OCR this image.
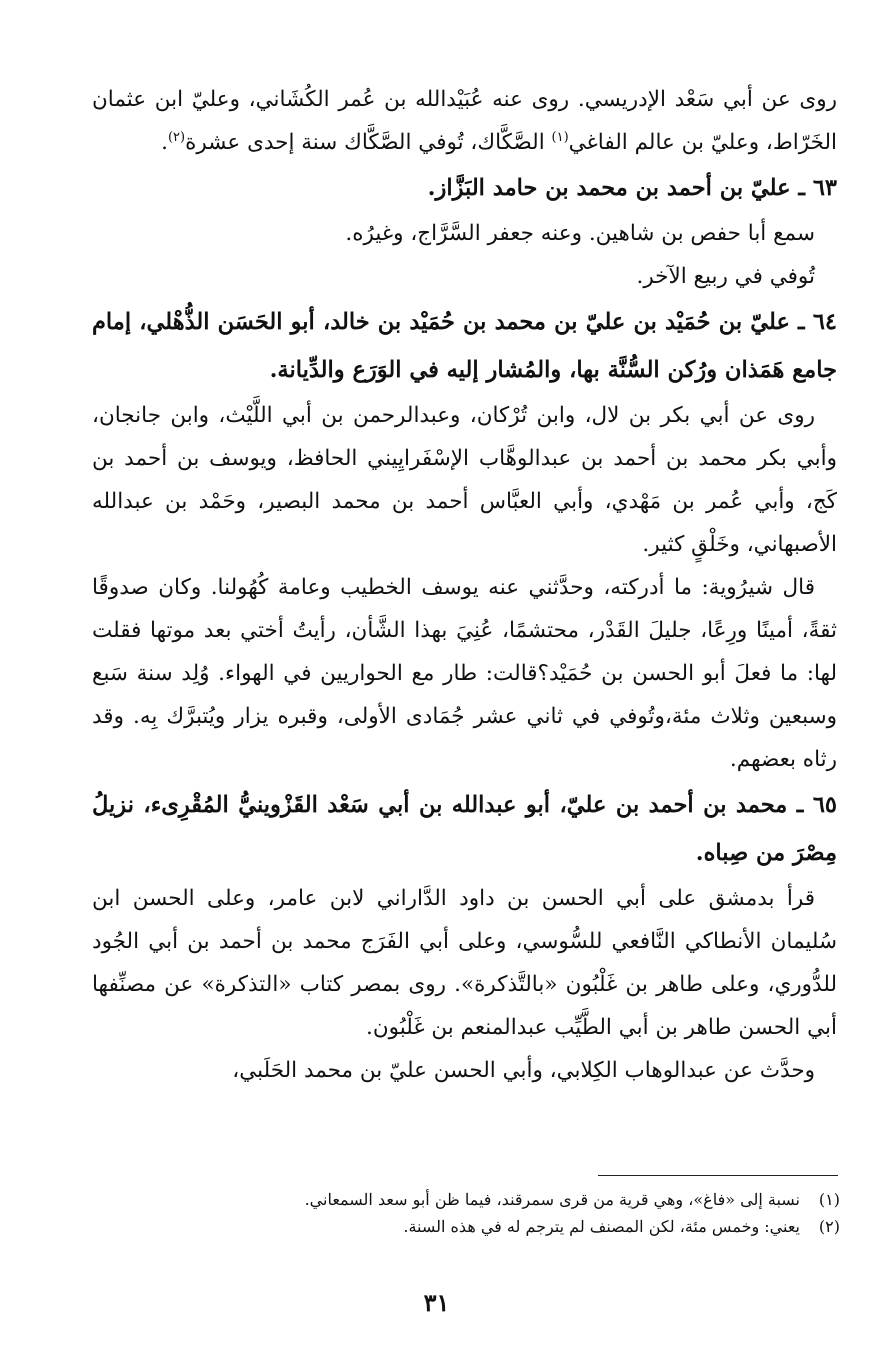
روى عن أبي سَعْد الإدريسي. روى عنه عُبَيْدالله بن عُمر الكُشَاني، وعليّ ابن عثمان الخَرّاط، وعليّ بن عالم الفاغي$^{(١)}$ الصَّكَّاك، تُوفي الصَّكَّاك سنة إحدى عشرة$^{(٢)}$.

٦٣ ـ عليّ بن أحمد بن محمد بن حامد البَزَّاز.

سمع أبا حفص بن شاهين. وعنه جعفر السَّرَّاج، وغيرُه.

تُوفي في ربيع الآخر.

٦٤ ـ عليّ بن حُمَيْد بن عليّ بن محمد بن حُمَيْد بن خالد، أبو الحَسَن الذُّهْلي، إمام جامع هَمَذان ورُكن السُّنَّة بها، والمُشار إليه في الوَرَع والدِّيانة.

روى عن أبي بكر بن لال، وابن تُرْكان، وعبدالرحمن بن أبي اللَّيْث، وابن جانجان، وأبي بكر محمد بن أحمد بن عبدالوهَّاب الإسْفَرايِيني الحافظ، ويوسف بن أحمد بن كَج، وأبي عُمر بن مَهْدي، وأبي العبَّاس أحمد بن محمد البصير، وحَمْد بن عبدالله الأصبهاني، وخَلْقٍ كثير.

قال شيرُوية: ما أدركته، وحدَّثني عنه يوسف الخطيب وعامة كُهُولنا. وكان صدوقًا ثقةً، أمينًا ورِعًا، جليلَ القَدْر، محتشمًا، عُنِيَ بهذا الشَّأن، رأيتُ أختي بعد موتها فقلت لها: ما فعلَ أبو الحسن بن حُمَيْد؟قالت: طار مع الحواريين في الهواء. وُلِد سنة سَبع وسبعين وثلاث مئة،وتُوفي في ثاني عشر جُمَادى الأولى، وقبره يزار ويُتبرَّك بِه. وقد رثاه بعضهم.

٦٥ ـ محمد بن أحمد بن عليّ، أبو عبدالله بن أبي سَعْد القَزْوينيُّ المُقْرِىء، نزيلُ مِصْرَ من صِباه.

قرأ بدمشق على أبي الحسن بن داود الدَّاراني لابن عامر، وعلى الحسن ابن سُليمان الأنطاكي النَّافعي للسُّوسي، وعلى أبي الفَرَج محمد بن أحمد بن أبي الجُود للدُّوري، وعلى طاهر بن غَلْبُون «بالتَّذكرة». روى بمصر كتاب «التذكرة» عن مصنِّفها أبي الحسن طاهر بن أبي الطَّيِّب عبدالمنعم بن غَلْبُون.

وحدَّث عن عبدالوهاب الكِلابي، وأبي الحسن عليّ بن محمد الحَلَبي،

(١)نسبة إلى «فاغ»، وهي قرية من قرى سمرقند، فيما ظن أبو سعد السمعاني.

(٢)يعني: وخمس مئة، لكن المصنف لم يترجم له في هذه السنة.

٣١
